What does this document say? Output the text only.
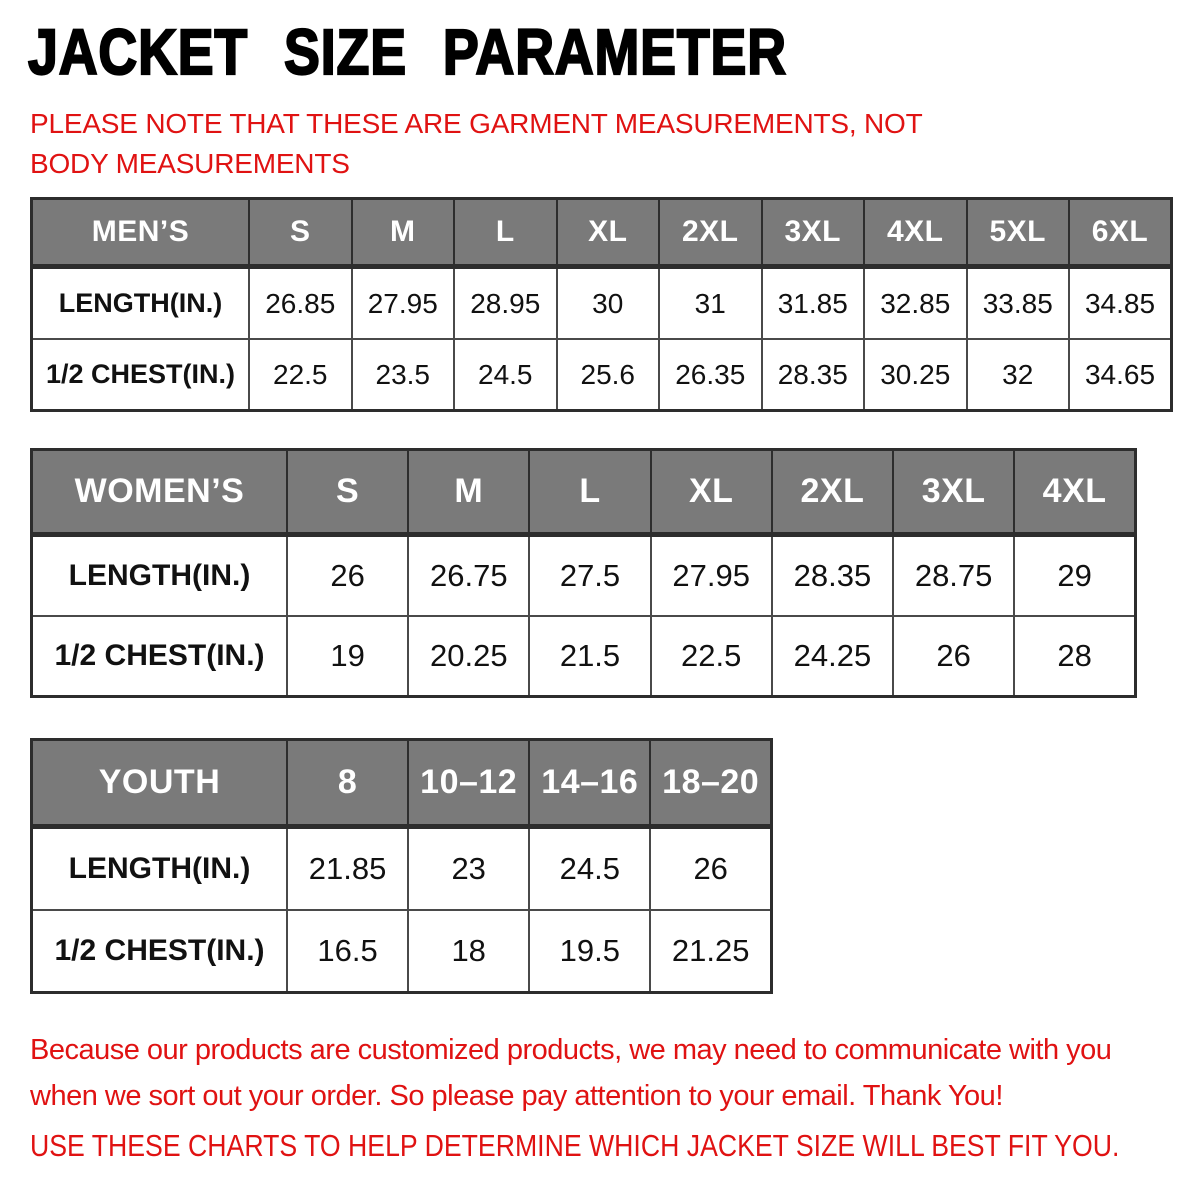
JACKET SIZE PARAMETER
PLEASE NOTE THAT THESE ARE GARMENT MEASUREMENTS, NOT BODY MEASUREMENTS
MEN’S	S	M	L	XL	2XL	3XL	4XL	5XL	6XL
LENGTH(IN.)	26.85	27.95	28.95	30	31	31.85	32.85	33.85	34.85
1/2 CHEST(IN.)	22.5	23.5	24.5	25.6	26.35	28.35	30.25	32	34.65
WOMEN’S	S	M	L	XL	2XL	3XL	4XL
LENGTH(IN.)	26	26.75	27.5	27.95	28.35	28.75	29
1/2 CHEST(IN.)	19	20.25	21.5	22.5	24.25	26	28
YOUTH	8	10–12	14–16	18–20
LENGTH(IN.)	21.85	23	24.5	26
1/2 CHEST(IN.)	16.5	18	19.5	21.25
Because our products are customized products, we may need to communicate with you when we sort out your order. So please pay attention to your email. Thank You!
USE THESE CHARTS TO HELP DETERMINE WHICH JACKET SIZE WILL BEST FIT YOU.
